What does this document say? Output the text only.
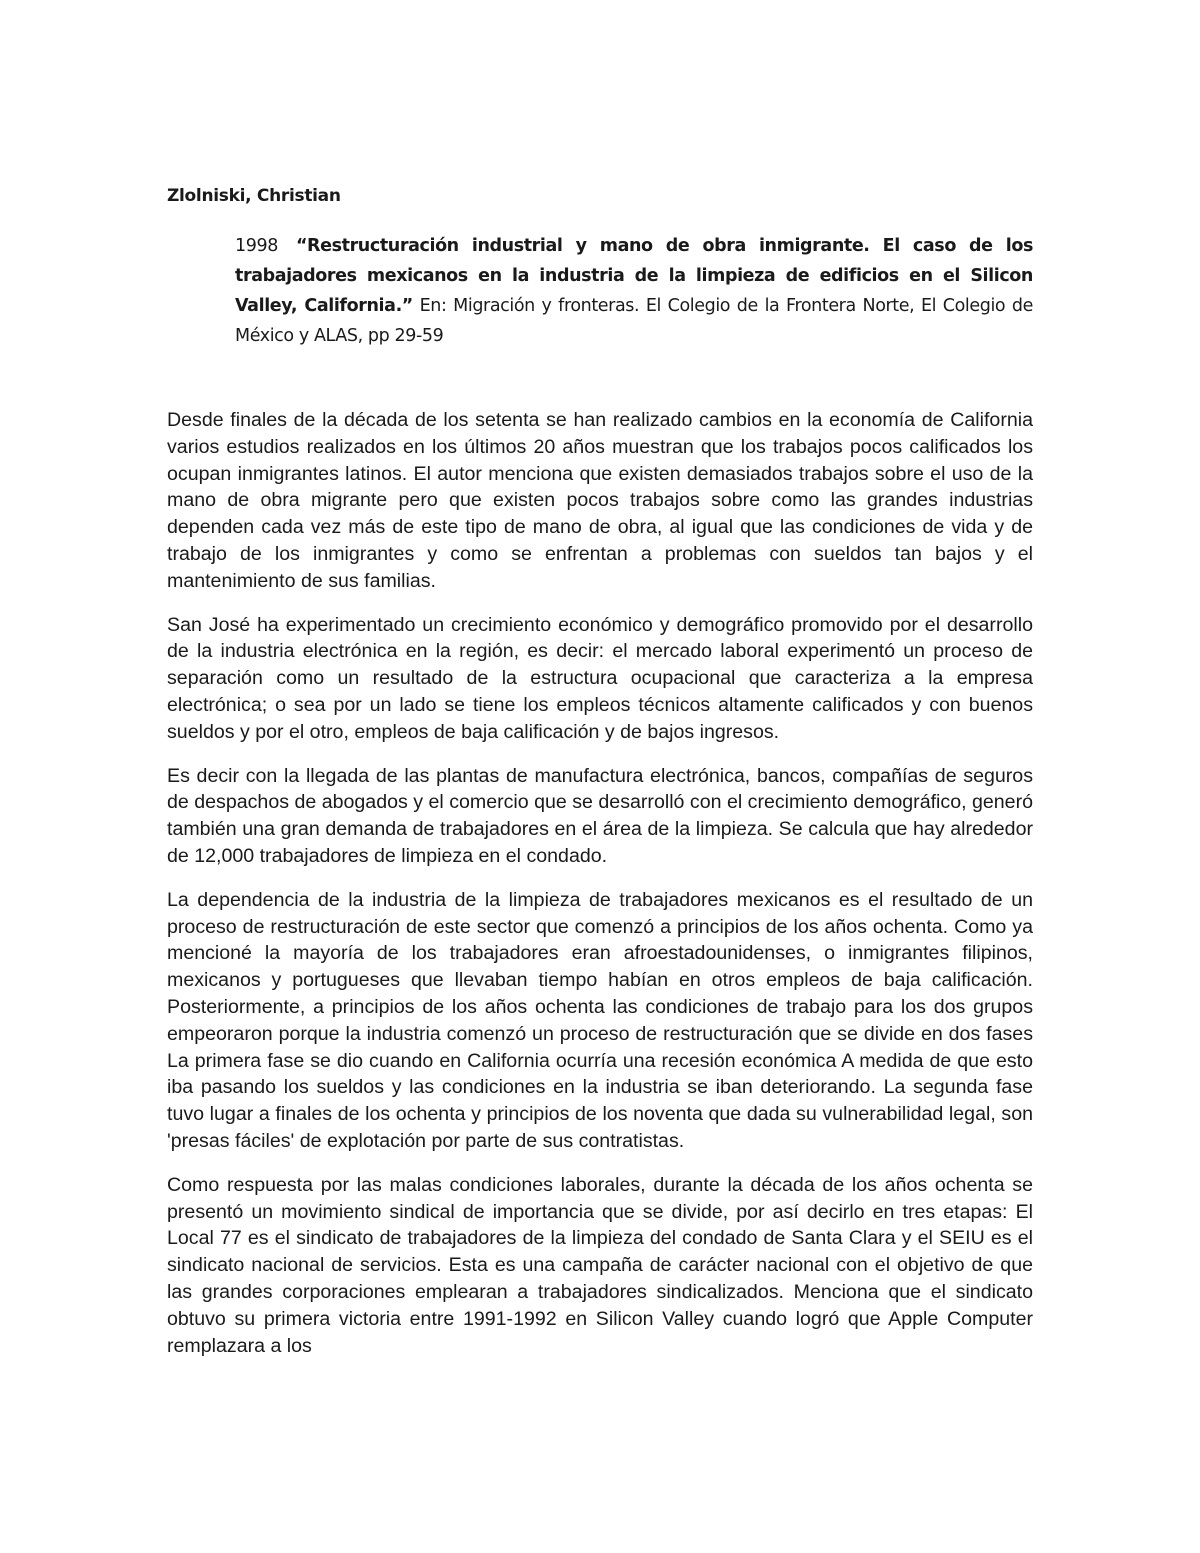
Zlolniski, Christian

1998 “Restructuración industrial y mano de obra inmigrante. El caso de los trabajadores mexicanos en la industria de la limpieza de edificios en el Silicon Valley, California.” En: Migración y fronteras. El Colegio de la Frontera Norte, El Colegio de México y ALAS, pp 29-59

Desde finales de la década de los setenta se han realizado cambios en la economía de California varios estudios realizados en los últimos 20 años muestran que los trabajos pocos calificados los ocupan inmigrantes latinos. El autor menciona que existen demasiados trabajos sobre el uso de la mano de obra migrante pero que existen pocos trabajos sobre como las grandes industrias dependen cada vez más de este tipo de mano de obra, al igual que las condiciones de vida y de trabajo de los inmigrantes y como se enfrentan a problemas con sueldos tan bajos y el mantenimiento de sus familias.

San José ha experimentado un crecimiento económico y demográfico promovido por el desarrollo de la industria electrónica en la región, es decir: el mercado laboral experimentó un proceso de separación como un resultado de la estructura ocupacional que caracteriza a la empresa electrónica; o sea por un lado se tiene los empleos técnicos altamente calificados y con buenos sueldos y por el otro, empleos de baja calificación y de bajos ingresos.

Es decir con la llegada de las plantas de manufactura electrónica, bancos, compañías de seguros de despachos de abogados y el comercio que se desarrolló con el crecimiento demográfico, generó también una gran demanda de trabajadores en el área de la limpieza. Se calcula que hay alrededor de 12,000 trabajadores de limpieza en el condado.

La dependencia de la industria de la limpieza de trabajadores mexicanos es el resultado de un proceso de restructuración de este sector que comenzó a principios de los años ochenta. Como ya mencioné la mayoría de los trabajadores eran afroestadounidenses, o inmigrantes filipinos, mexicanos y portugueses que llevaban tiempo habían en otros empleos de baja calificación. Posteriormente, a principios de los años ochenta las condiciones de trabajo para los dos grupos empeoraron porque la industria comenzó un proceso de restructuración que se divide en dos fases La primera fase se dio cuando en California ocurría una recesión económica A medida de que esto iba pasando los sueldos y las condiciones en la industria se iban deteriorando. La segunda fase tuvo lugar a finales de los ochenta y principios de los noventa que dada su vulnerabilidad legal, son 'presas fáciles' de explotación por parte de sus contratistas.

Como respuesta por las malas condiciones laborales, durante la década de los años ochenta se presentó un movimiento sindical de importancia que se divide, por así decirlo en tres etapas: El Local 77 es el sindicato de trabajadores de la limpieza del condado de Santa Clara y el SEIU es el sindicato nacional de servicios. Esta es una campaña de carácter nacional con el objetivo de que las grandes corporaciones emplearan a trabajadores sindicalizados. Menciona que el sindicato obtuvo su primera victoria entre 1991-1992 en Silicon Valley cuando logró que Apple Computer remplazara a los
